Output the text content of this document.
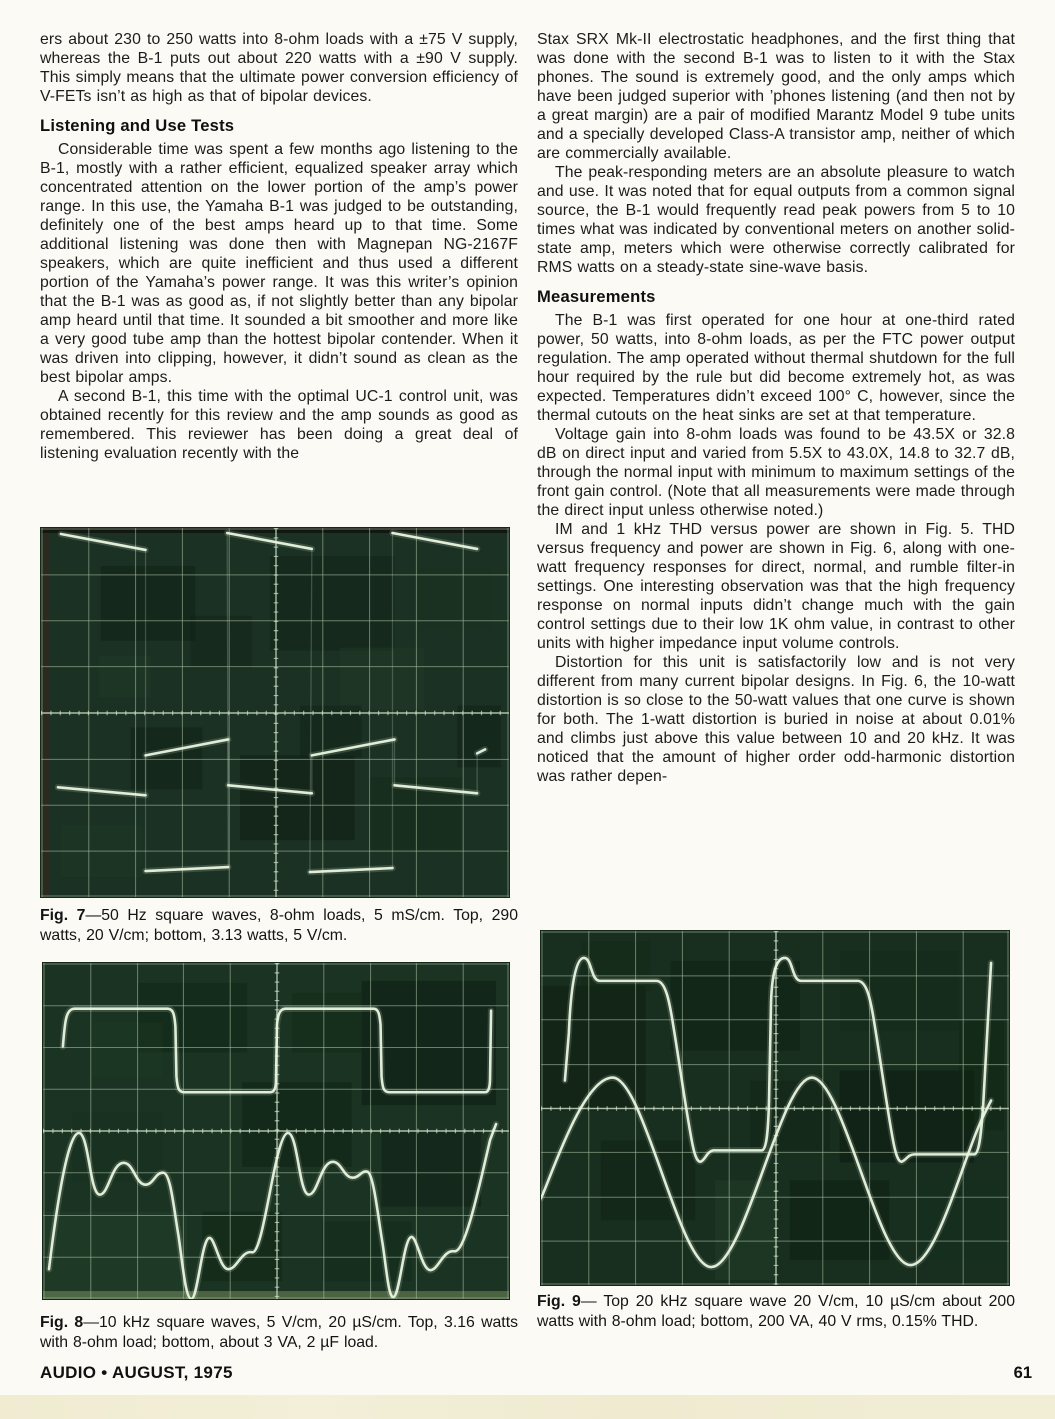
ers about 230 to 250 watts into 8-ohm loads with a ±75 V supply, whereas the B-1 puts out about 220 watts with a ±90 V supply. This simply means that the ultimate power conversion efficiency of V-FETs isn’t as high as that of bipolar devices.

Listening and Use Tests

Considerable time was spent a few months ago listening to the B-1, mostly with a rather efficient, equalized speaker array which concentrated attention on the lower portion of the amp’s power range. In this use, the Yamaha B-1 was judged to be outstanding, definitely one of the best amps heard up to that time. Some additional listening was done then with Magnepan NG-2167F speakers, which are quite inefficient and thus used a different portion of the Yamaha’s power range. It was this writer’s opinion that the B-1 was as good as, if not slightly better than any bipolar amp heard until that time. It sounded a bit smoother and more like a very good tube amp than the hottest bipolar contender. When it was driven into clipping, however, it didn’t sound as clean as the best bipolar amps.

A second B-1, this time with the optimal UC-1 control unit, was obtained recently for this review and the amp sounds as good as remembered. This reviewer has been doing a great deal of listening evaluation recently with the

Stax SRX Mk-II electrostatic headphones, and the first thing that was done with the second B-1 was to listen to it with the Stax phones. The sound is extremely good, and the only amps which have been judged superior with ’phones listening (and then not by a great margin) are a pair of modified Marantz Model 9 tube units and a specially developed Class-A transistor amp, neither of which are commercially available.

The peak-responding meters are an absolute pleasure to watch and use. It was noted that for equal outputs from a common signal source, the B-1 would frequently read peak powers from 5 to 10 times what was indicated by conventional meters on another solid-state amp, meters which were otherwise correctly calibrated for RMS watts on a steady-state sine-wave basis.

Measurements

The B-1 was first operated for one hour at one-third rated power, 50 watts, into 8-ohm loads, as per the FTC power output regulation. The amp operated without thermal shutdown for the full hour required by the rule but did become extremely hot, as was expected. Temperatures didn’t exceed 100° C, however, since the thermal cutouts on the heat sinks are set at that temperature.

Voltage gain into 8-ohm loads was found to be 43.5X or 32.8 dB on direct input and varied from 5.5X to 43.0X, 14.8 to 32.7 dB, through the normal input with minimum to maximum settings of the front gain control. (Note that all measurements were made through the direct input unless otherwise noted.)

IM and 1 kHz THD versus power are shown in Fig. 5. THD versus frequency and power are shown in Fig. 6, along with one-watt frequency responses for direct, normal, and rumble filter-in settings. One interesting observation was that the high frequency response on normal inputs didn’t change much with the gain control settings due to their low 1K ohm value, in contrast to other units with higher impedance input volume controls.

Distortion for this unit is satisfactorily low and is not very different from many current bipolar designs. In Fig. 6, the 10-watt distortion is so close to the 50-watt values that one curve is shown for both. The 1-watt distortion is buried in noise at about 0.01% and climbs just above this value between 10 and 20 kHz. It was noticed that the amount of higher order odd-harmonic distortion was rather depen-

Fig. 7—50 Hz square waves, 8-ohm loads, 5 mS/cm. Top, 290 watts, 20 V/cm; bottom, 3.13 watts, 5 V/cm.
Fig. 8—10 kHz square waves, 5 V/cm, 20 µS/cm. Top, 3.16 watts with 8-ohm load; bottom, about 3 VA, 2 µF load.
Fig. 9— Top 20 kHz square wave 20 V/cm, 10 µS/cm about 200 watts with 8-ohm load; bottom, 200 VA, 40 V rms, 0.15% THD.
AUDIO • AUGUST, 1975	61
